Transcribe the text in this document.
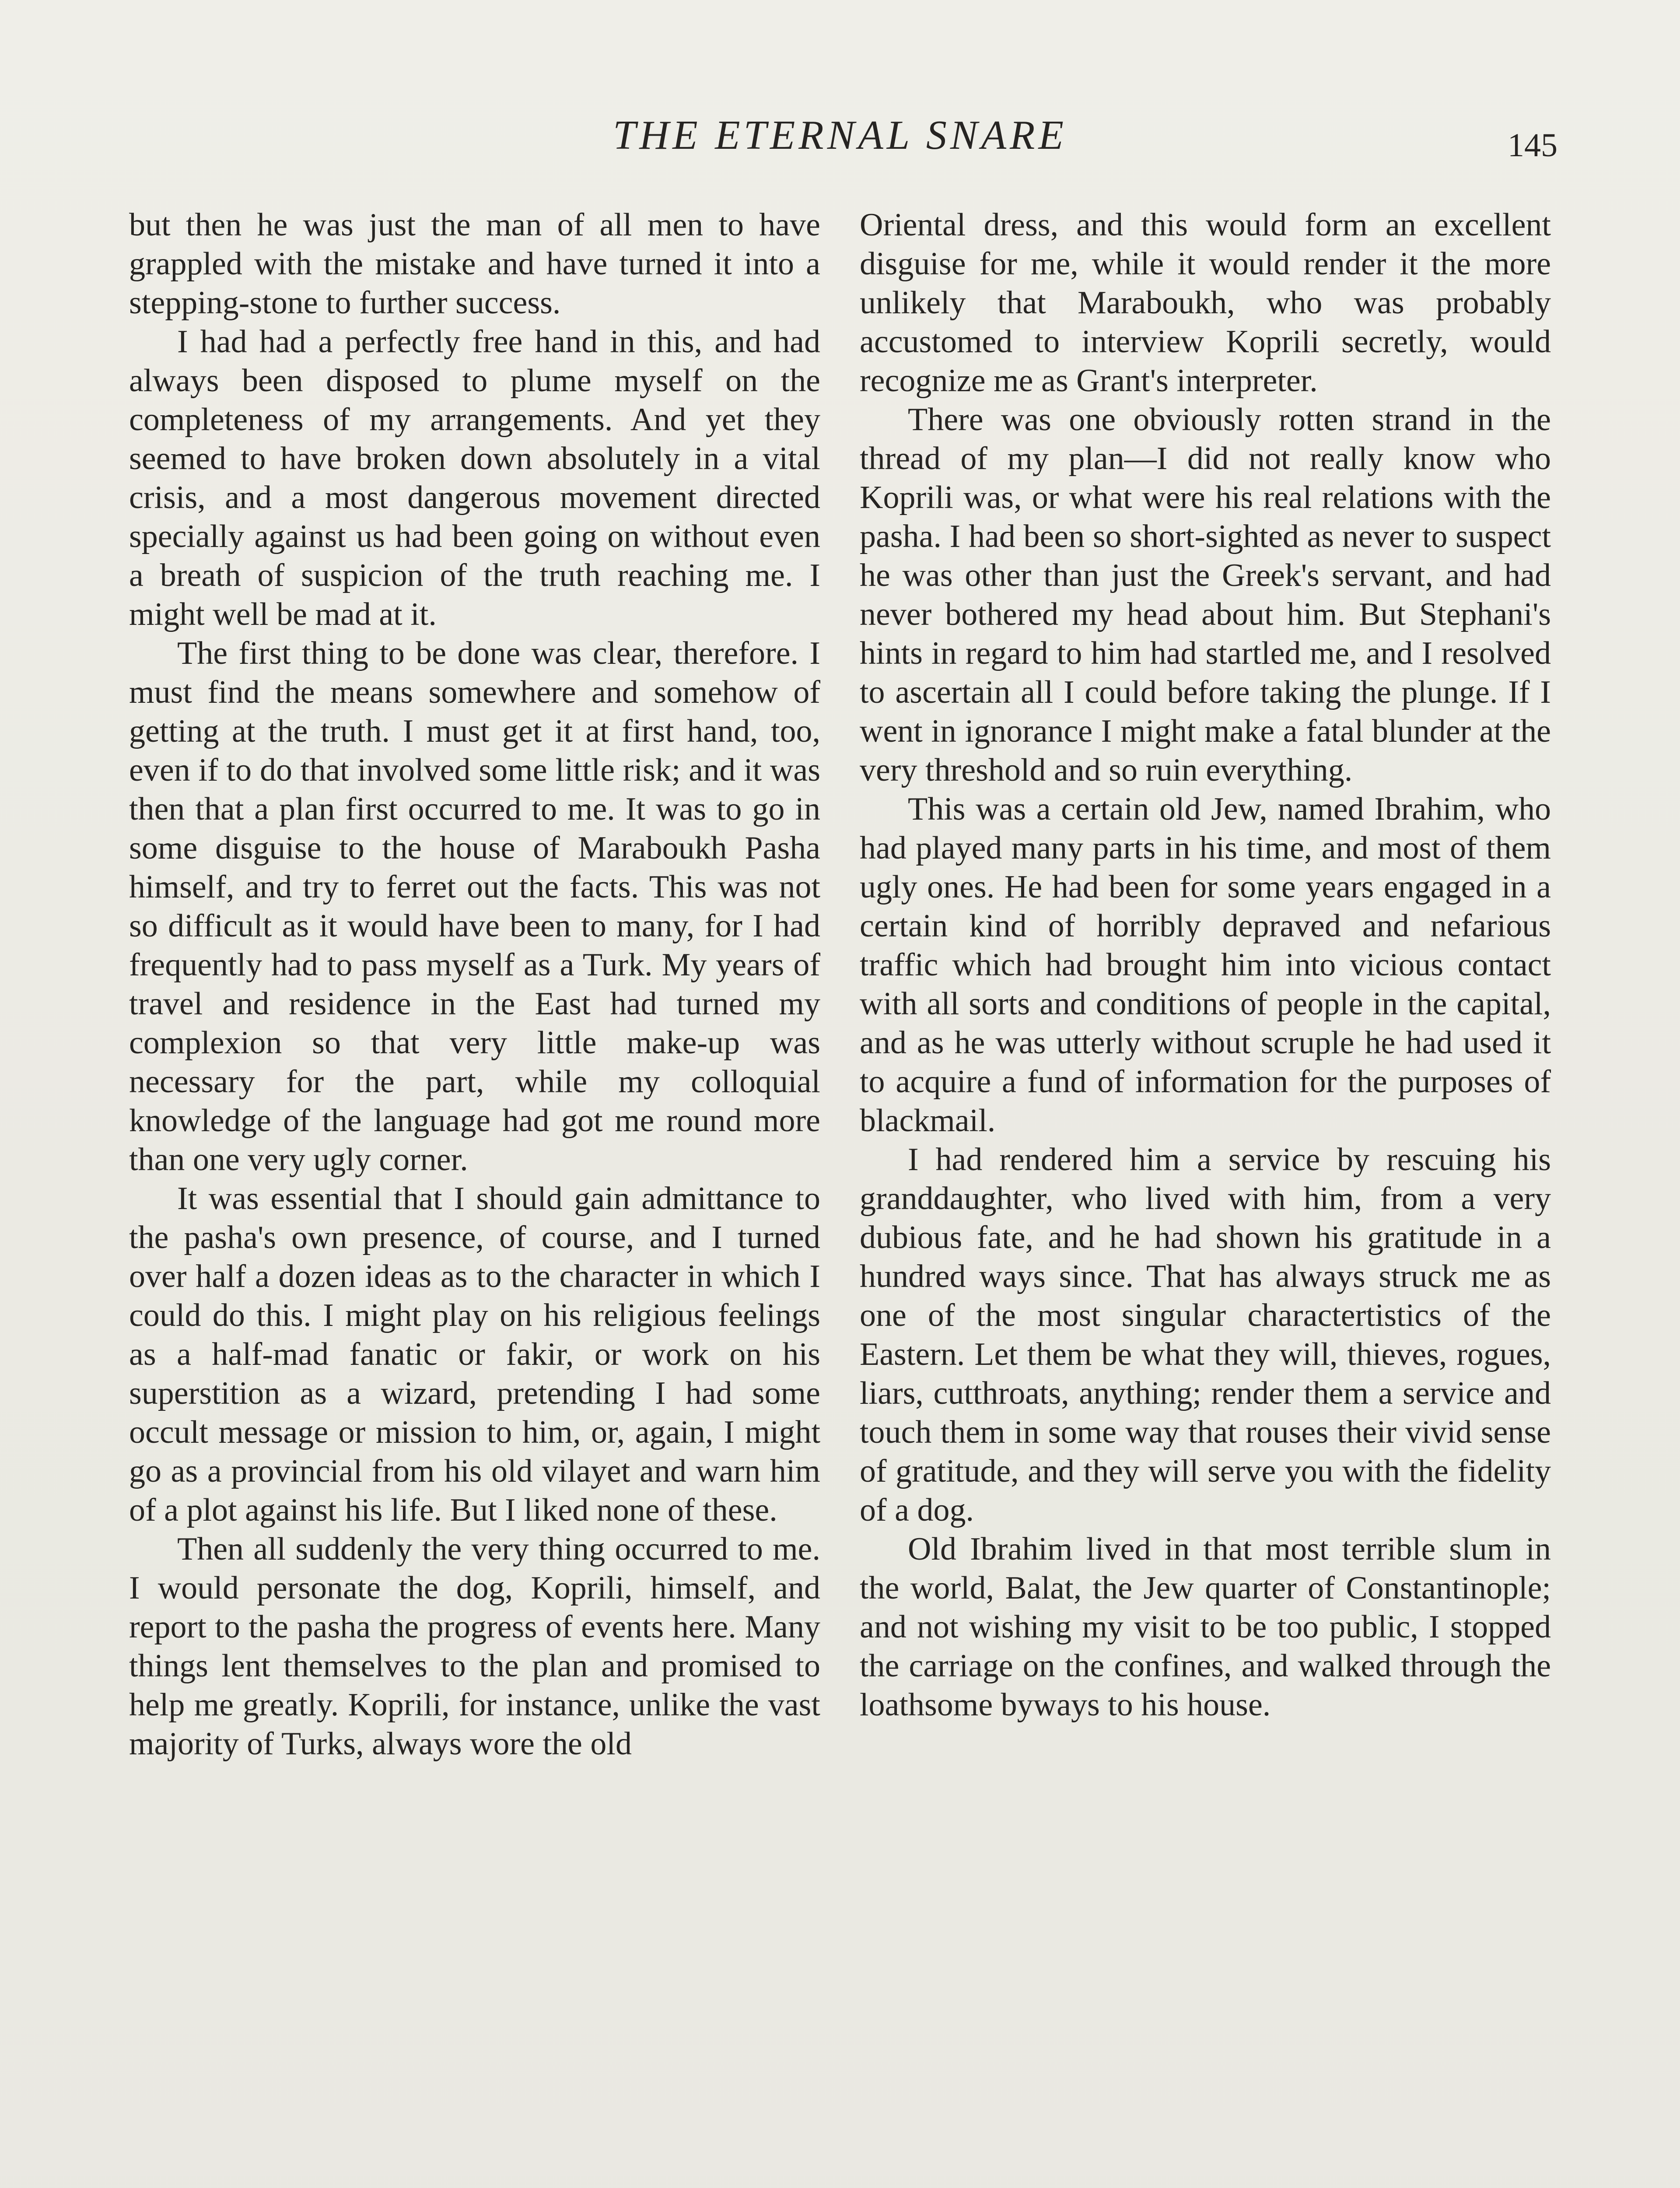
THE ETERNAL SNARE	145

but then he was just the man of all men to have grappled with the mistake and have turned it into a stepping-stone to further success.

I had had a perfectly free hand in this, and had always been disposed to plume myself on the completeness of my arrangements. And yet they seemed to have broken down absolutely in a vital crisis, and a most dangerous movement directed specially against us had been going on without even a breath of suspicion of the truth reaching me. I might well be mad at it.

The first thing to be done was clear, therefore. I must find the means somewhere and somehow of getting at the truth. I must get it at first hand, too, even if to do that involved some little risk; and it was then that a plan first occurred to me. It was to go in some disguise to the house of Maraboukh Pasha himself, and try to ferret out the facts. This was not so difficult as it would have been to many, for I had frequently had to pass myself as a Turk. My years of travel and residence in the East had turned my complexion so that very little make-up was necessary for the part, while my colloquial knowledge of the language had got me round more than one very ugly corner.

It was essential that I should gain admittance to the pasha's own presence, of course, and I turned over half a dozen ideas as to the character in which I could do this. I might play on his religious feelings as a half-mad fanatic or fakir, or work on his superstition as a wizard, pretending I had some occult message or mission to him, or, again, I might go as a provincial from his old vilayet and warn him of a plot against his life. But I liked none of these.

Then all suddenly the very thing occurred to me. I would personate the dog, Koprili, himself, and report to the pasha the progress of events here. Many things lent themselves to the plan and promised to help me greatly. Koprili, for instance, unlike the vast majority of Turks, always wore the old

Oriental dress, and this would form an excellent disguise for me, while it would render it the more unlikely that Maraboukh, who was probably accustomed to interview Koprili secretly, would recognize me as Grant's interpreter.

There was one obviously rotten strand in the thread of my plan—I did not really know who Koprili was, or what were his real relations with the pasha. I had been so short-sighted as never to suspect he was other than just the Greek's servant, and had never bothered my head about him. But Stephani's hints in regard to him had startled me, and I resolved to ascertain all I could before taking the plunge. If I went in ignorance I might make a fatal blunder at the very threshold and so ruin everything.

This was a certain old Jew, named Ibrahim, who had played many parts in his time, and most of them ugly ones. He had been for some years engaged in a certain kind of horribly depraved and nefarious traffic which had brought him into vicious contact with all sorts and conditions of people in the capital, and as he was utterly without scruple he had used it to acquire a fund of information for the purposes of blackmail.

I had rendered him a service by rescuing his granddaughter, who lived with him, from a very dubious fate, and he had shown his gratitude in a hundred ways since. That has always struck me as one of the most singular charactertistics of the Eastern. Let them be what they will, thieves, rogues, liars, cutthroats, anything; render them a service and touch them in some way that rouses their vivid sense of gratitude, and they will serve you with the fidelity of a dog.

Old Ibrahim lived in that most terrible slum in the world, Balat, the Jew quarter of Constantinople; and not wishing my visit to be too public, I stopped the carriage on the confines, and walked through the loathsome byways to his house.
